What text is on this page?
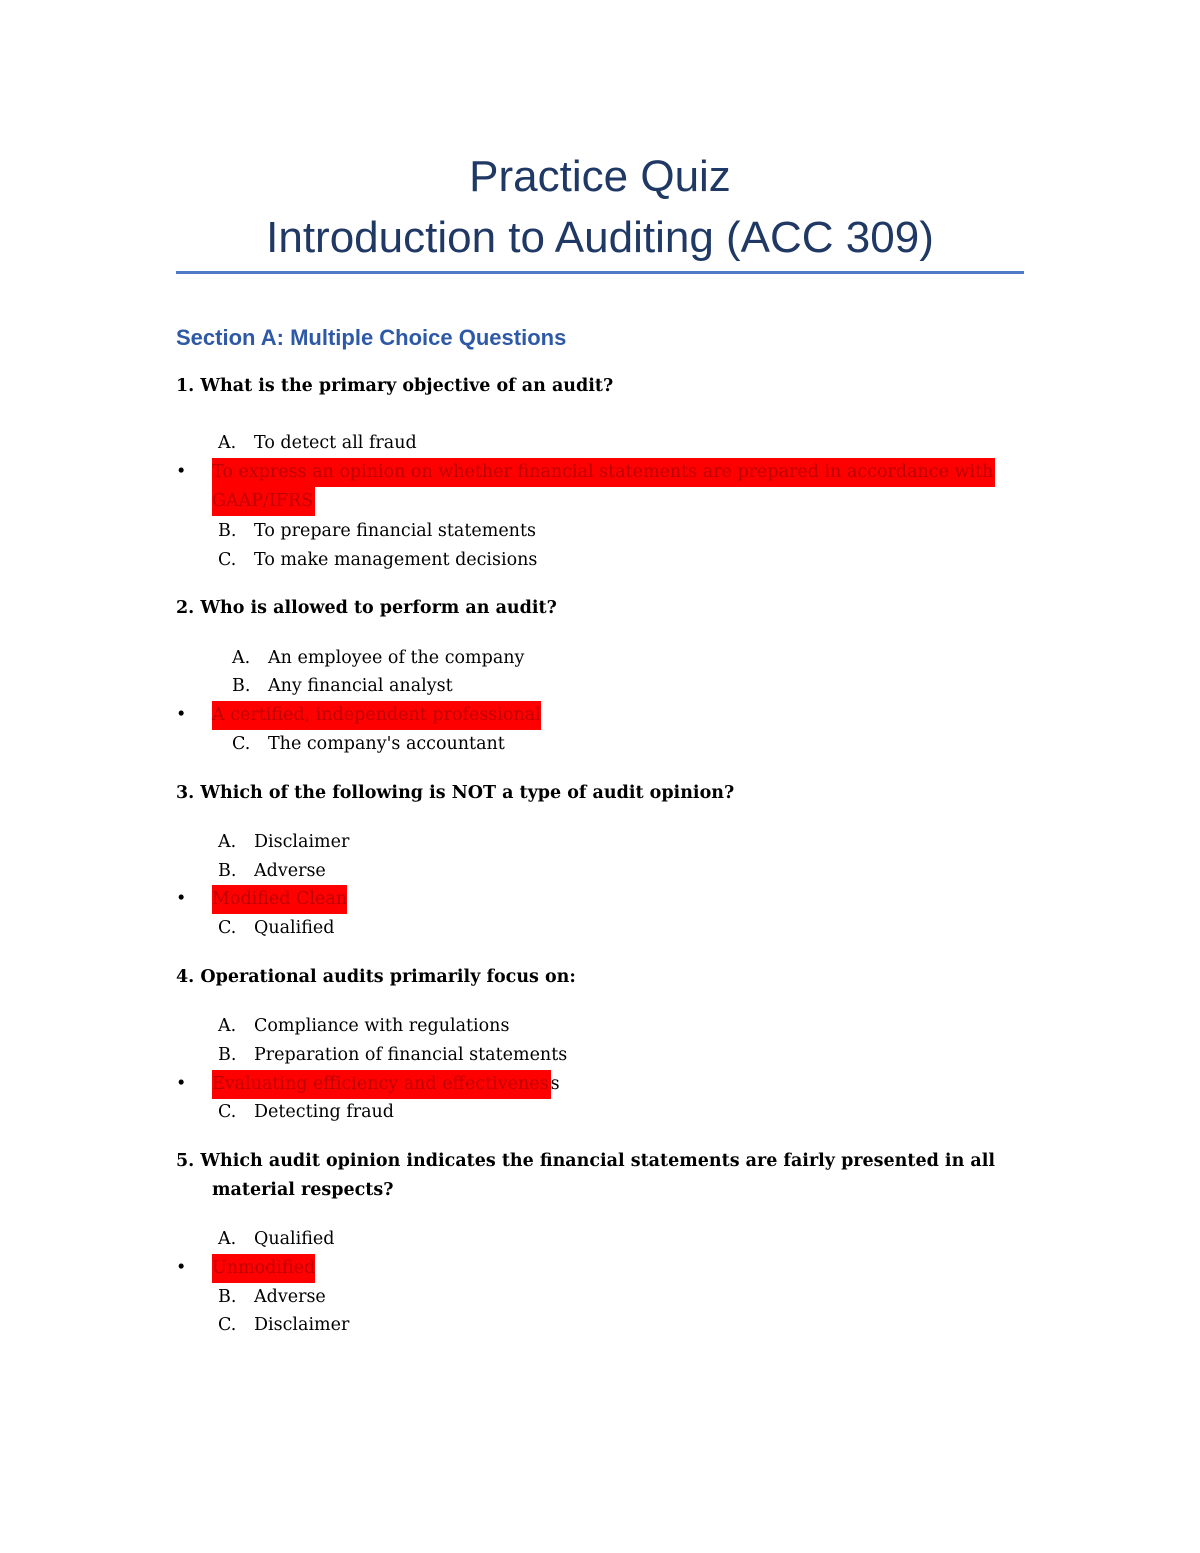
Practice Quiz
Introduction to Auditing (ACC 309)
Section A: Multiple Choice Questions
1. What is the primary objective of an audit?
A. To detect all fraud
•	To express an opinion on whether financial statements are prepared in accordance with
GAAP/IFRS
B. To prepare financial statements
C. To make management decisions
2. Who is allowed to perform an audit?
A. An employee of the company
B. Any financial analyst
•	A certified, independent professional
C. The company's accountant
3. Which of the following is NOT a type of audit opinion?
A. Disclaimer
B. Adverse
•	Modified Clean
C. Qualified
4. Operational audits primarily focus on:
A. Compliance with regulations
B. Preparation of financial statements
•	Evaluating efficiency and effectivenes s
C. Detecting fraud
5. Which audit opinion indicates the financial statements are fairly presented in all material respects?
A. Qualified
•	Unmodified
B. Adverse
C. Disclaimer
